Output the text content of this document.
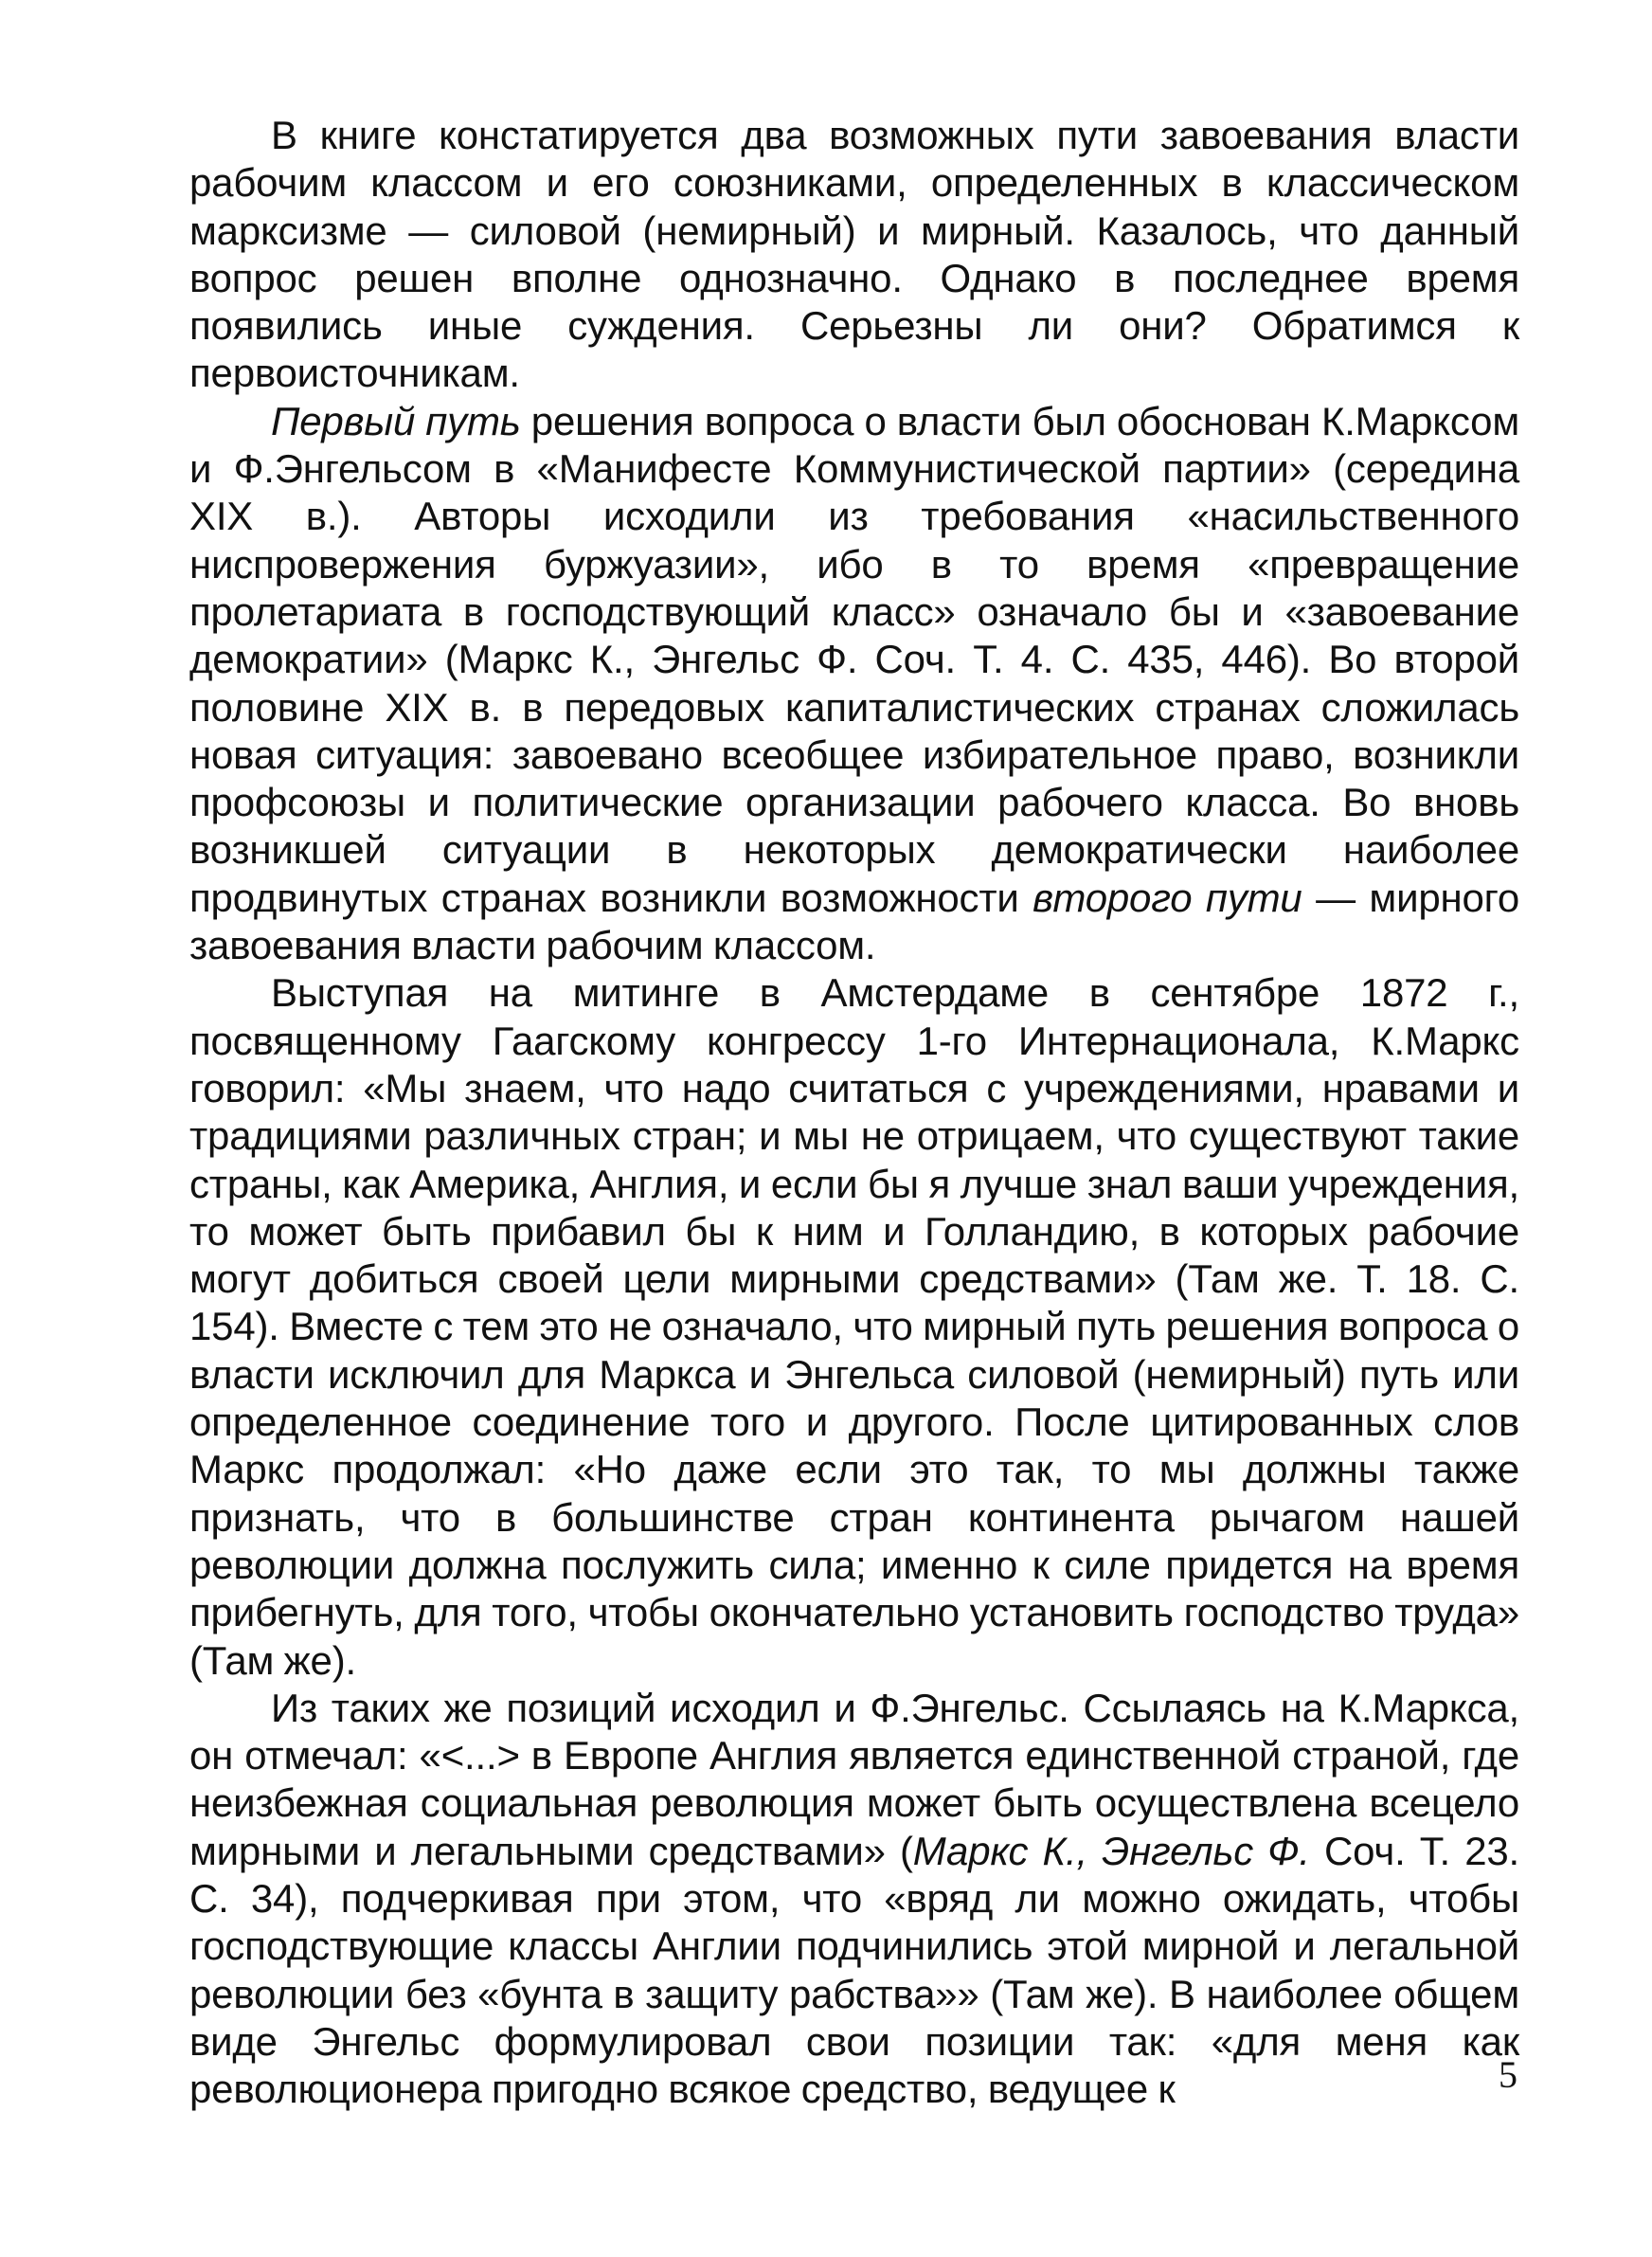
В книге констатируется два возможных пути завоевания власти рабочим классом и его союзниками, определенных в классическом марксизме — силовой (немирный) и мирный. Казалось, что данный вопрос решен вполне однозначно. Однако в последнее время появились иные суждения. Серьезны ли они? Обратимся к первоисточникам.

Первый путь решения вопроса о власти был обоснован К.Марксом и Ф.Энгельсом в «Манифесте Коммунистической партии» (середина XIX в.). Авторы исходили из требования «насильственного ниспровержения буржуазии», ибо в то время «превращение пролетариата в господствующий класс» означало бы и «завоевание демократии» (Маркс К., Энгельс Ф. Соч. Т. 4. С. 435, 446). Во второй половине XIX в. в передовых капиталистических странах сложилась новая ситуация: завоевано всеобщее избирательное право, возникли профсоюзы и политические организации рабочего класса. Во вновь возникшей ситуации в некоторых демократически наиболее продвинутых странах возникли возможности второго пути — мирного завоевания власти рабочим классом.

Выступая на митинге в Амстердаме в сентябре 1872 г., посвященному Гаагскому конгрессу 1-го Интернационала, К.Маркс говорил: «Мы знаем, что надо считаться с учреждениями, нравами и традициями различных стран; и мы не отрицаем, что существуют такие страны, как Америка, Англия, и если бы я лучше знал ваши учреждения, то может быть прибавил бы к ним и Голландию, в которых рабочие могут добиться своей цели мирными средствами» (Там же. Т. 18. С. 154). Вместе с тем это не означало, что мирный путь решения вопроса о власти исключил для Маркса и Энгельса силовой (немирный) путь или определенное соединение того и другого. После цитированных слов Маркс продолжал: «Но даже если это так, то мы должны также признать, что в большинстве стран континента рычагом нашей революции должна послужить сила; именно к силе придется на время прибегнуть, для того, чтобы окончательно установить господство труда» (Там же).

Из таких же позиций исходил и Ф.Энгельс. Ссылаясь на К.Маркса, он отмечал: «<...> в Европе Англия является единственной страной, где неизбежная социальная революция может быть осуществлена всецело мирными и легальными средствами» (Маркс К., Энгельс Ф. Соч. Т. 23. С. 34), подчеркивая при этом, что «вряд ли можно ожидать, чтобы господствующие классы Англии подчинились этой мирной и легальной революции без «бунта в защиту рабства»» (Там же). В наиболее общем виде Энгельс формулировал свои позиции так: «для меня как революционера пригодно всякое средство, ведущее к	5
